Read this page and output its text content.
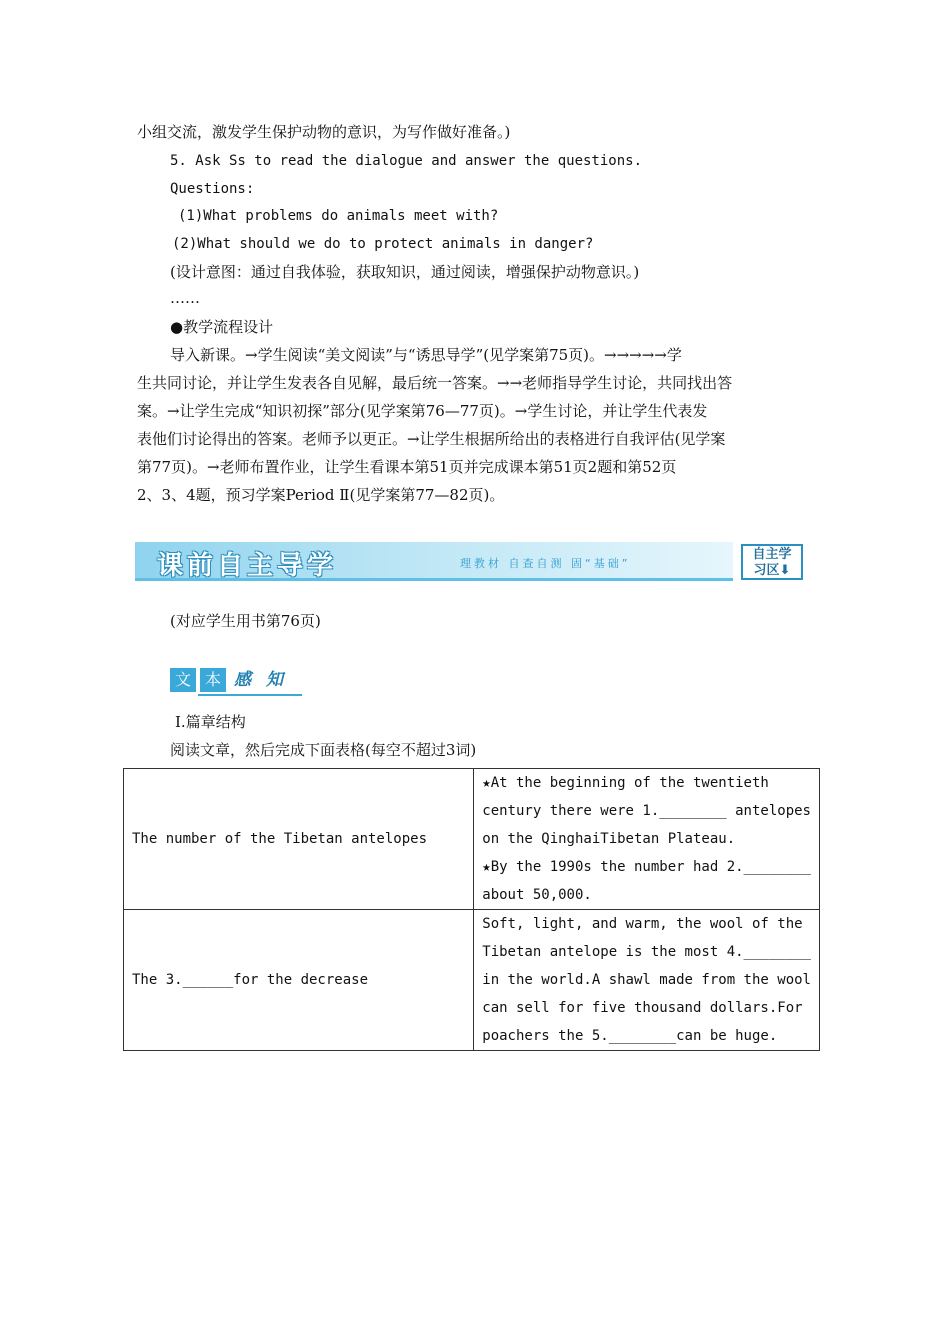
小组交流，激发学生保护动物的意识，为写作做好准备。)
5. Ask Ss to read the dialogue and answer the questions.
Questions:
(1)What problems do animals meet with?
(2)What should we do to protect animals in danger?
(设计意图：通过自我体验，获取知识，通过阅读，增强保护动物意识。)
……
●教学流程设计
导入新课。→学生阅读“美文阅读”与“诱思导学”(见学案第75页)。→→→→→学
生共同讨论，并让学生发表各自见解，最后统一答案。→→老师指导学生讨论，共同找出答
案。→让学生完成“知识初探”部分(见学案第76—77页)。→学生讨论，并让学生代表发
表他们讨论得出的答案。老师予以更正。→让学生根据所给出的表格进行自我评估(见学案
第77页)。→老师布置作业，让学生看课本第51页并完成课本第51页2题和第52页
2、3、4题，预习学案Period Ⅱ(见学案第77—82页)。
课前自主导学	理教材 自查自测 固“基础”
自主学
习区⬇
(对应学生用书第76页)
文 本 感 知
Ⅰ.篇章结构
阅读文章，然后完成下面表格(每空不超过3词)
The number of the Tibetan antelopes	★At the beginning of the twentieth
century there were 1.________ antelopes
on the QinghaiTibetan Plateau.
★By the 1990s the number had 2.________
about 50,000.

The 3.______for the decrease	Soft, light, and warm, the wool of the
Tibetan antelope is the most 4.________
in the world.A shawl made from the wool
can sell for five thousand dollars.For
poachers the 5.________can be huge.
